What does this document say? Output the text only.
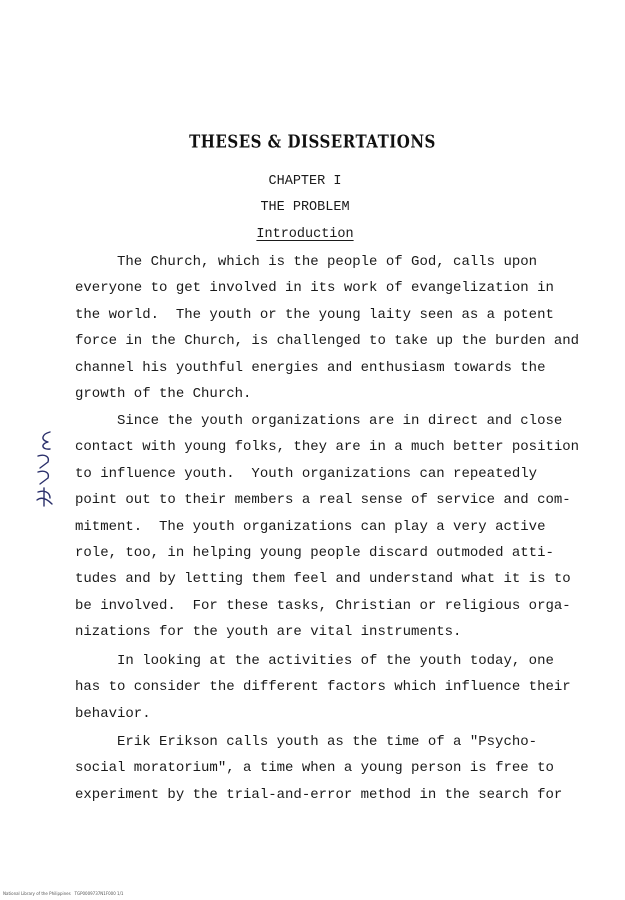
THESES & DISSERTATIONS
CHAPTER I
THE PROBLEM
Introduction
The Church, which is the people of God, calls upon
everyone to get involved in its work of evangelization in
the world.  The youth or the young laity seen as a potent
force in the Church, is challenged to take up the burden and
channel his youthful energies and enthusiasm towards the
growth of the Church.
Since the youth organizations are in direct and close
contact with young folks, they are in a much better position
to influence youth.  Youth organizations can repeatedly
point out to their members a real sense of service and com-
mitment.  The youth organizations can play a very active
role, too, in helping young people discard outmoded atti-
tudes and by letting them feel and understand what it is to
be involved.  For these tasks, Christian or religious orga-
nizations for the youth are vital instruments.
In looking at the activities of the youth today, one
has to consider the different factors which influence their
behavior.
Erik Erikson calls youth as the time of a "Psycho-
social moratorium", a time when a young person is free to
experiment by the trial-and-error method in the search for
National Library of the Philippines   TGP0009737N1F000 1/1
